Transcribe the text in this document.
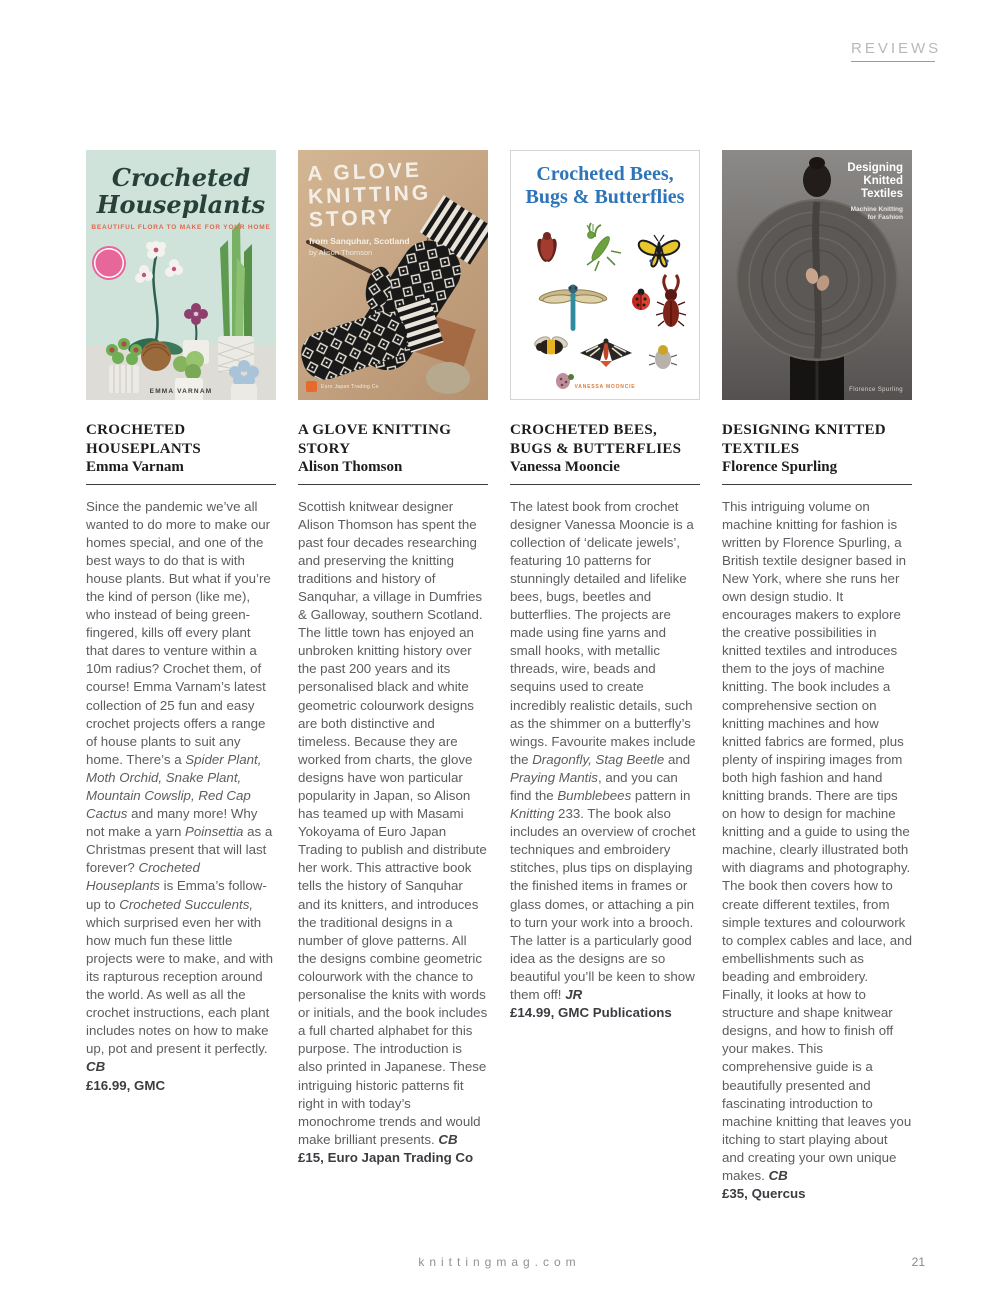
REVIEWS
Crocheted Houseplants
BEAUTIFUL FLORA TO MAKE FOR YOUR HOME
EMMA VARNAM
CROCHETED HOUSEPLANTS
Emma Varnam
Since the pandemic we’ve all wanted to do more to make our homes special, and one of the best ways to do that is with house plants. But what if you’re the kind of person (like me), who instead of being green-fingered, kills off every plant that dares to venture within a 10m radius? Crochet them, of course! Emma Varnam’s latest collection of 25 fun and easy crochet projects offers a range of house plants to suit any home. There’s a Spider Plant, Moth Orchid, Snake Plant, Mountain Cowslip, Red Cap Cactus and many more! Why not make a yarn Poinsettia as a Christmas present that will last forever? Crocheted Houseplants is Emma’s follow-up to Crocheted Succulents, which surprised even her with how much fun these little projects were to make, and with its rapturous reception around the world. As well as all the crochet instructions, each plant includes notes on how to make up, pot and present it perfectly. CB
£16.99, GMC
A GLOVE
KNITTING
STORY
from Sanquhar, Scotland
by Alison Thomson
Euro Japan Trading Co
A GLOVE KNITTING STORY
Alison Thomson
Scottish knitwear designer Alison Thomson has spent the past four decades researching and preserving the knitting traditions and history of Sanquhar, a village in Dumfries & Galloway, southern Scotland. The little town has enjoyed an unbroken knitting history over the past 200 years and its personalised black and white geometric colourwork designs are both distinctive and timeless. Because they are worked from charts, the glove designs have won particular popularity in Japan, so Alison has teamed up with Masami Yokoyama of Euro Japan Trading to publish and distribute her work. This attractive book tells the history of Sanquhar and its knitters, and introduces the traditional designs in a number of glove patterns. All the designs combine geometric colourwork with the chance to personalise the knits with words or initials, and the book includes a full charted alphabet for this purpose. The introduction is also printed in Japanese. These intriguing historic patterns fit right in with today’s monochrome trends and would make brilliant presents. CB
£15, Euro Japan Trading Co
Crocheted Bees, Bugs & Butterflies
VANESSA MOONCIE
CROCHETED BEES, BUGS & BUTTERFLIES
Vanessa Mooncie
The latest book from crochet designer Vanessa Mooncie is a collection of ‘delicate jewels’, featuring 10 patterns for stunningly detailed and lifelike bees, bugs, beetles and butterflies. The projects are made using fine yarns and small hooks, with metallic threads, wire, beads and sequins used to create incredibly realistic details, such as the shimmer on a butterfly’s wings. Favourite makes include the Dragonfly, Stag Beetle and Praying Mantis, and you can find the Bumblebees pattern in Knitting 233. The book also includes an overview of crochet techniques and embroidery stitches, plus tips on displaying the finished items in frames or glass domes, or attaching a pin to turn your work into a brooch. The latter is a particularly good idea as the designs are so beautiful you’ll be keen to show them off! JR
£14.99, GMC Publications
Designing Knitted Textiles
Machine Knitting for Fashion
Florence Spurling
DESIGNING KNITTED TEXTILES
Florence Spurling
This intriguing volume on machine knitting for fashion is written by Florence Spurling, a British textile designer based in New York, where she runs her own design studio. It encourages makers to explore the creative possibilities in knitted textiles and introduces them to the joys of machine knitting. The book includes a comprehensive section on knitting machines and how knitted fabrics are formed, plus plenty of inspiring images from both high fashion and hand knitting brands. There are tips on how to design for machine knitting and a guide to using the machine, clearly illustrated both with diagrams and photography. The book then covers how to create different textiles, from simple textures and colourwork to complex cables and lace, and embellishments such as beading and embroidery. Finally, it looks at how to structure and shape knitwear designs, and how to finish off your makes. This comprehensive guide is a beautifully presented and fascinating introduction to machine knitting that leaves you itching to start playing about and creating your own unique makes. CB
£35, Quercus
knittingmag.com	21
